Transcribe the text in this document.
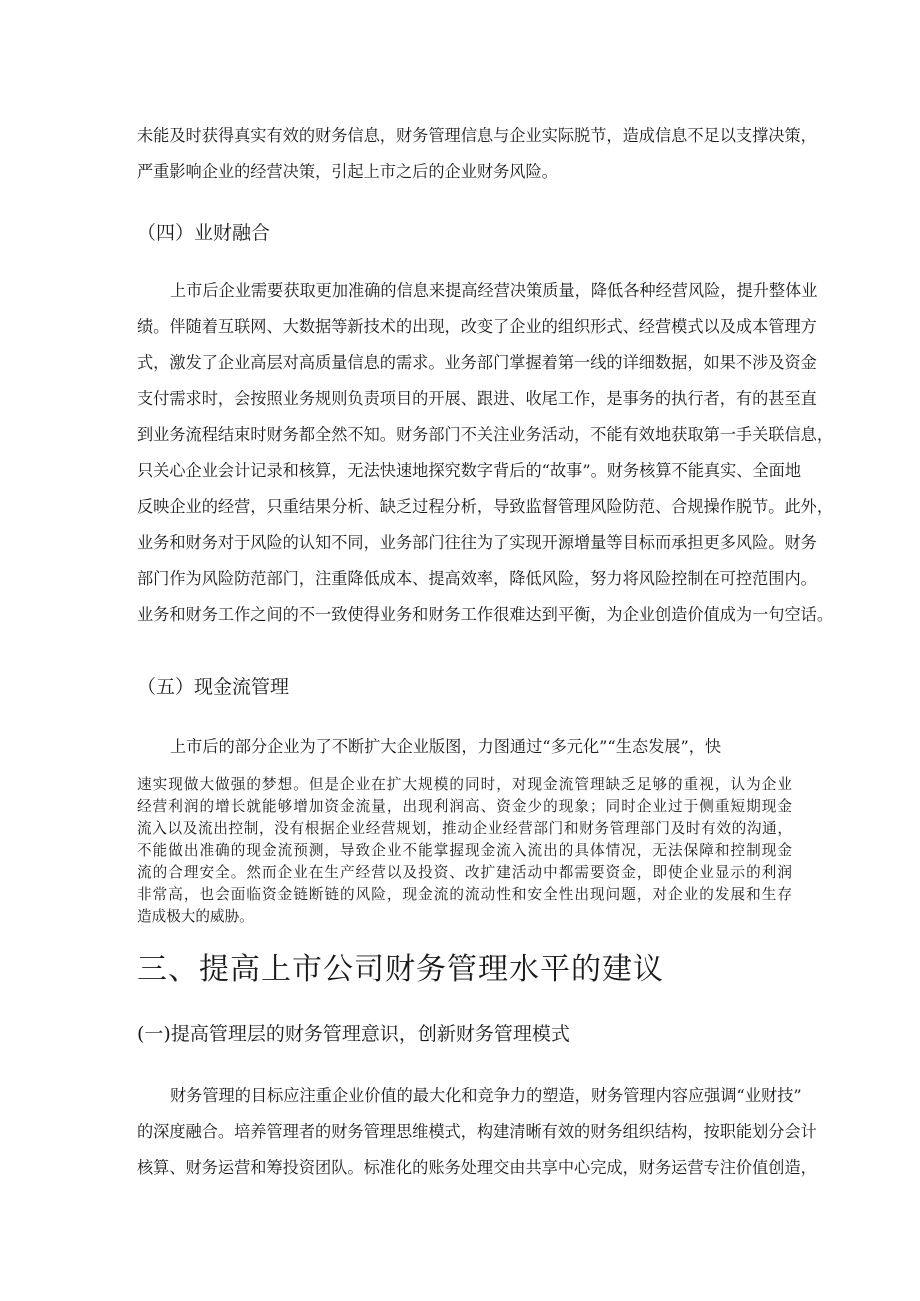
未能及时获得真实有效的财务信息，财务管理信息与企业实际脱节，造成信息不足以支撑决策，
严重影响企业的经营决策，引起上市之后的企业财务风险。
（四）业财融合
上市后企业需要获取更加准确的信息来提高经营决策质量，降低各种经营风险，提升整体业
绩。伴随着互联网、大数据等新技术的出现，改变了企业的组织形式、经营模式以及成本管理方
式，激发了企业高层对高质量信息的需求。业务部门掌握着第一线的详细数据，如果不涉及资金
支付需求时，会按照业务规则负责项目的开展、跟进、收尾工作，是事务的执行者，有的甚至直
到业务流程结束时财务都全然不知。财务部门不关注业务活动，不能有效地获取第一手关联信息，
只关心企业会计记录和核算，无法快速地探究数字背后的“故事”。财务核算不能真实、全面地
反映企业的经营，只重结果分析、缺乏过程分析，导致监督管理风险防范、合规操作脱节。此外，
业务和财务对于风险的认知不同，业务部门往往为了实现开源增量等目标而承担更多风险。财务
部门作为风险防范部门，注重降低成本、提高效率，降低风险，努力将风险控制在可控范围内。
业务和财务工作之间的不一致使得业务和财务工作很难达到平衡，为企业创造价值成为一句空话。
（五）现金流管理
上市后的部分企业为了不断扩大企业版图，力图通过“多元化”“生态发展”，快
速实现做大做强的梦想。但是企业在扩大规模的同时，对现金流管理缺乏足够的重视，认为企业
经营利润的增长就能够增加资金流量，出现利润高、资金少的现象；同时企业过于侧重短期现金
流入以及流出控制，没有根据企业经营规划，推动企业经营部门和财务管理部门及时有效的沟通，
不能做出准确的现金流预测，导致企业不能掌握现金流入流出的具体情况，无法保障和控制现金
流的合理安全。然而企业在生产经营以及投资、改扩建活动中都需要资金，即使企业显示的利润
非常高，也会面临资金链断链的风险，现金流的流动性和安全性出现问题，对企业的发展和生存
造成极大的威胁。
三、提高上市公司财务管理水平的建议
(一)提高管理层的财务管理意识，创新财务管理模式
财务管理的目标应注重企业价值的最大化和竞争力的塑造，财务管理内容应强调“业财技”
的深度融合。培养管理者的财务管理思维模式，构建清晰有效的财务组织结构，按职能划分会计
核算、财务运营和筹投资团队。标准化的账务处理交由共享中心完成，财务运营专注价值创造，
